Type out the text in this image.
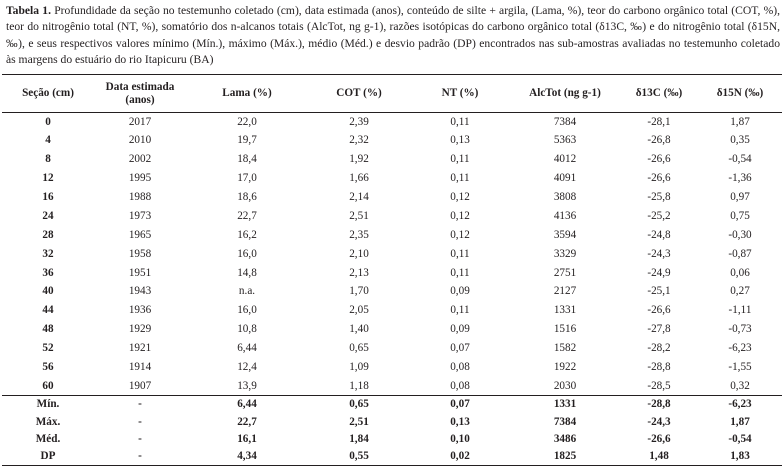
Tabela 1. Profundidade da seção no testemunho coletado (cm), data estimada (anos), conteúdo de silte + argila, (Lama, %), teor do carbono orgânico total (COT, %), teor do nitrogênio total (NT, %), somatório dos n-alcanos totais (AlcTot, ng g-1), razões isotópicas do carbono orgânico total (δ13C, ‰) e do nitrogênio total (δ15N, ‰), e seus respectivos valores mínimo (Mín.), máximo (Máx.), médio (Méd.) e desvio padrão (DP) encontrados nas sub-amostras avaliadas no testemunho coletado às margens do estuário do rio Itapicuru (BA)
Seção (cm)	Data estimada (anos)	Lama (%)	COT (%)	NT (%)	AlcTot (ng g-1)	δ13C (‰)	δ15N (‰)
0	2017	22,0	2,39	0,11	7384	-28,1	1,87
4	2010	19,7	2,32	0,13	5363	-26,8	0,35
8	2002	18,4	1,92	0,11	4012	-26,6	-0,54
12	1995	17,0	1,66	0,11	4091	-26,6	-1,36
16	1988	18,6	2,14	0,12	3808	-25,8	0,97
24	1973	22,7	2,51	0,12	4136	-25,2	0,75
28	1965	16,2	2,35	0,12	3594	-24,8	-0,30
32	1958	16,0	2,10	0,11	3329	-24,3	-0,87
36	1951	14,8	2,13	0,11	2751	-24,9	0,06
40	1943	n.a.	1,70	0,09	2127	-25,1	0,27
44	1936	16,0	2,05	0,11	1331	-26,6	-1,11
48	1929	10,8	1,40	0,09	1516	-27,8	-0,73
52	1921	6,44	0,65	0,07	1582	-28,2	-6,23
56	1914	12,4	1,09	0,08	1922	-28,8	-1,55
60	1907	13,9	1,18	0,08	2030	-28,5	0,32
Mín.	-	6,44	0,65	0,07	1331	-28,8	-6,23
Máx.	-	22,7	2,51	0,13	7384	-24,3	1,87
Méd.	-	16,1	1,84	0,10	3486	-26,6	-0,54
DP	-	4,34	0,55	0,02	1825	1,48	1,83
